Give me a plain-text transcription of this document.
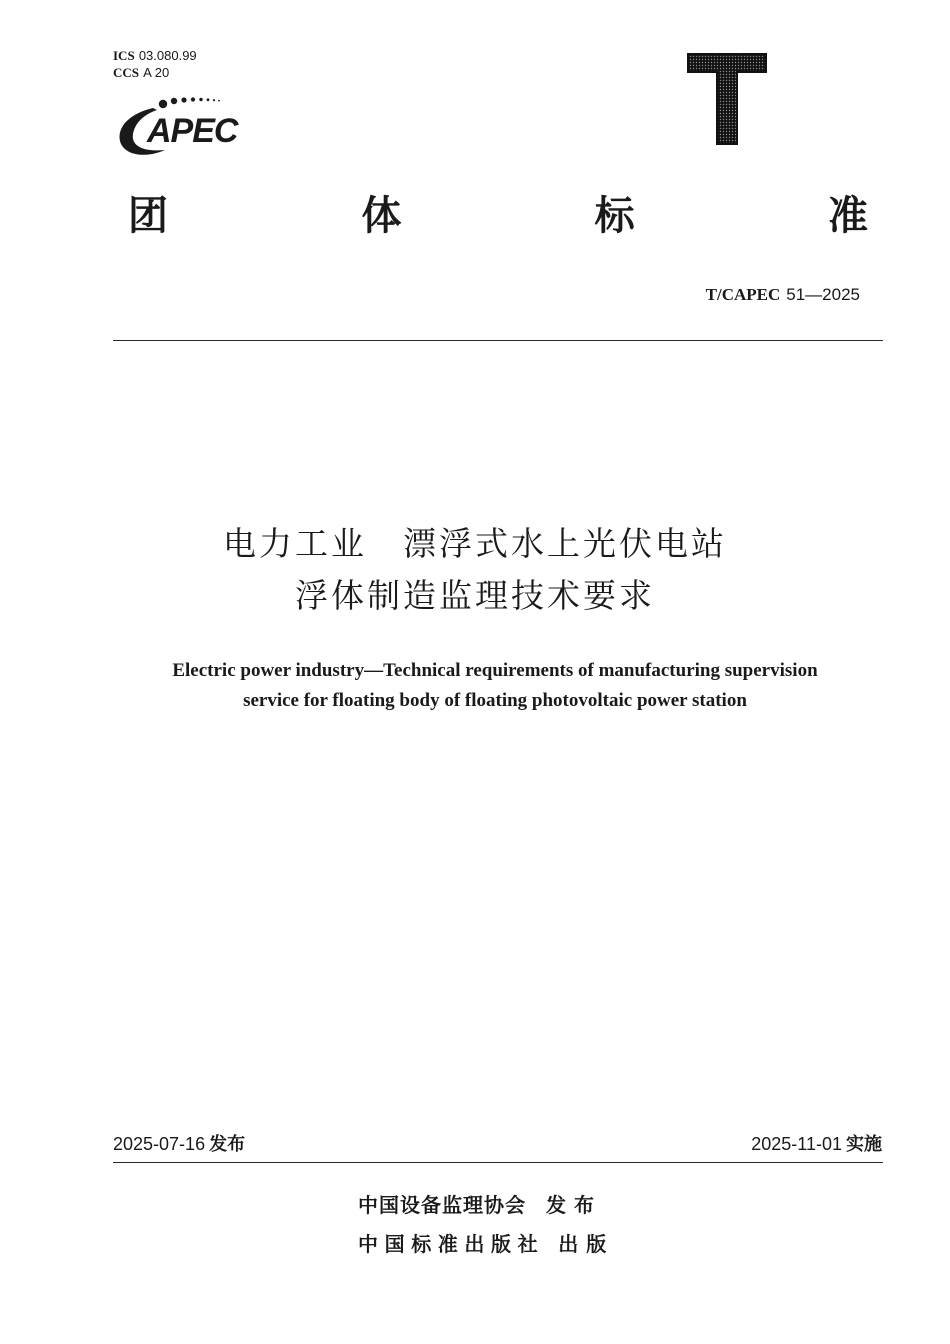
ICS 03.080.99
CCS A 20
APEC
团	体	标	准
T/CAPEC 51—2025
电力工业　漂浮式水上光伏电站
浮体制造监理技术要求
Electric power industry—Technical requirements of manufacturing supervision
service for floating body of floating photovoltaic power station
2025-07-16 发布	2025-11-01 实施
中国设备监理协会 发布
中国标准出版社 出版
